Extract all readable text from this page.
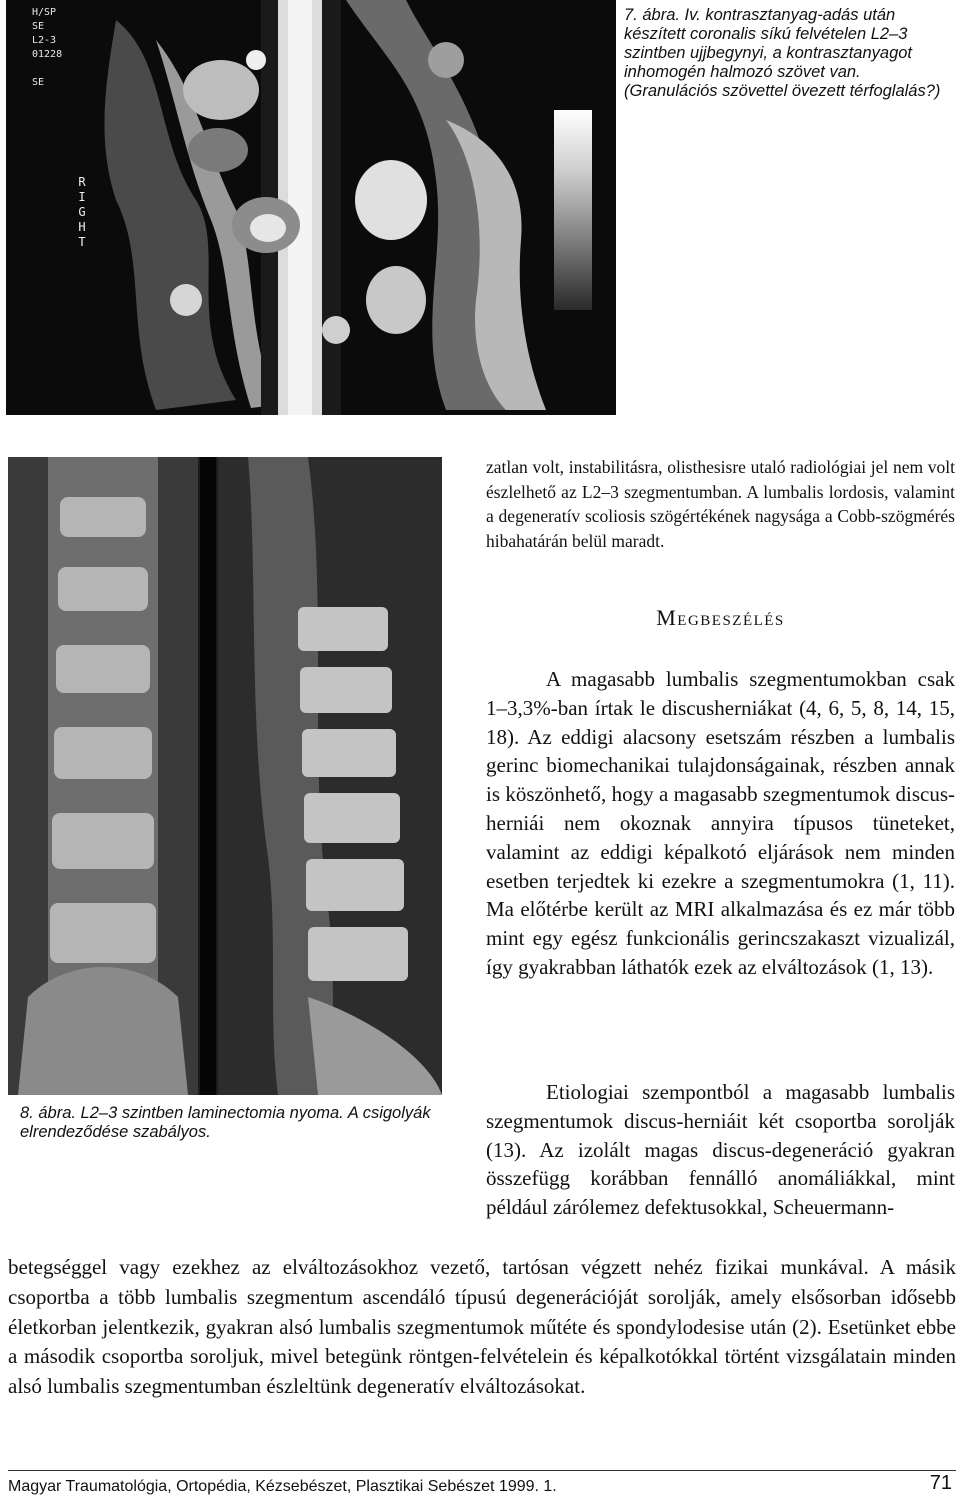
H/SP
SE
L2-3
01228

SE

RIGHT
7. ábra. Iv. kontrasztanyag-adás után készített coronalis síkú felvételen L2–3 szintben ujjbegynyi, a kontrasztanyagot inhomogén halmozó szövet van. (Granulációs szövettel övezett térfoglalás?)
8. ábra. L2–3 szintben laminectomia nyoma. A csigolyák elrendeződése szabályos.
zatlan volt, instabilitásra, olisthesisre utaló radiológiai jel nem volt észlelhető az L2–3 szegmentumban. A lumbalis lordosis, valamint a degeneratív scoliosis szögértékének nagysága a Cobb-szögmérés hibahatárán belül maradt.
Megbeszélés
A magasabb lumbalis szegmentumokban csak 1–3,3%-ban írtak le discusherniákat (4, 6, 5, 8, 14, 15, 18). Az eddigi alacsony esetszám részben a lumbalis gerinc biomechanikai tulajdonságainak, részben annak is köszönhető, hogy a magasabb szegmentumok discus-herniái nem okoznak annyira típusos tüneteket, valamint az eddigi képalkotó eljárások nem minden esetben terjedtek ki ezekre a szegmentumokra (1, 11). Ma előtérbe került az MRI alkalmazása és ez már több mint egy egész funkcionális gerincszakaszt vizualizál, így gyakrabban láthatók ezek az elváltozások (1, 13).
Etiologiai szempontból a magasabb lumbalis szegmentumok discus-herniáit két csoportba sorolják (13). Az izolált magas discus-degeneráció gyakran összefügg korábban fennálló anomáliákkal, mint például zárólemez defektusokkal, Scheuermann-
betegséggel vagy ezekhez az elváltozásokhoz vezető, tartósan végzett nehéz fizikai munkával. A másik csoportba a több lumbalis szegmentum ascendáló típusú degenerációját sorolják, amely elsősorban idősebb életkorban jelentkezik, gyakran alsó lumbalis szegmentumok műtéte és spondylodesise után (2). Esetünket ebbe a második csoportba soroljuk, mivel betegünk röntgen-felvételein és képalkotókkal történt vizsgálatain minden alsó lumbalis szegmentumban észleltünk degeneratív elváltozásokat.
Magyar Traumatológia, Ortopédia, Kézsebészet, Plasztikai Sebészet 1999. 1.	71
